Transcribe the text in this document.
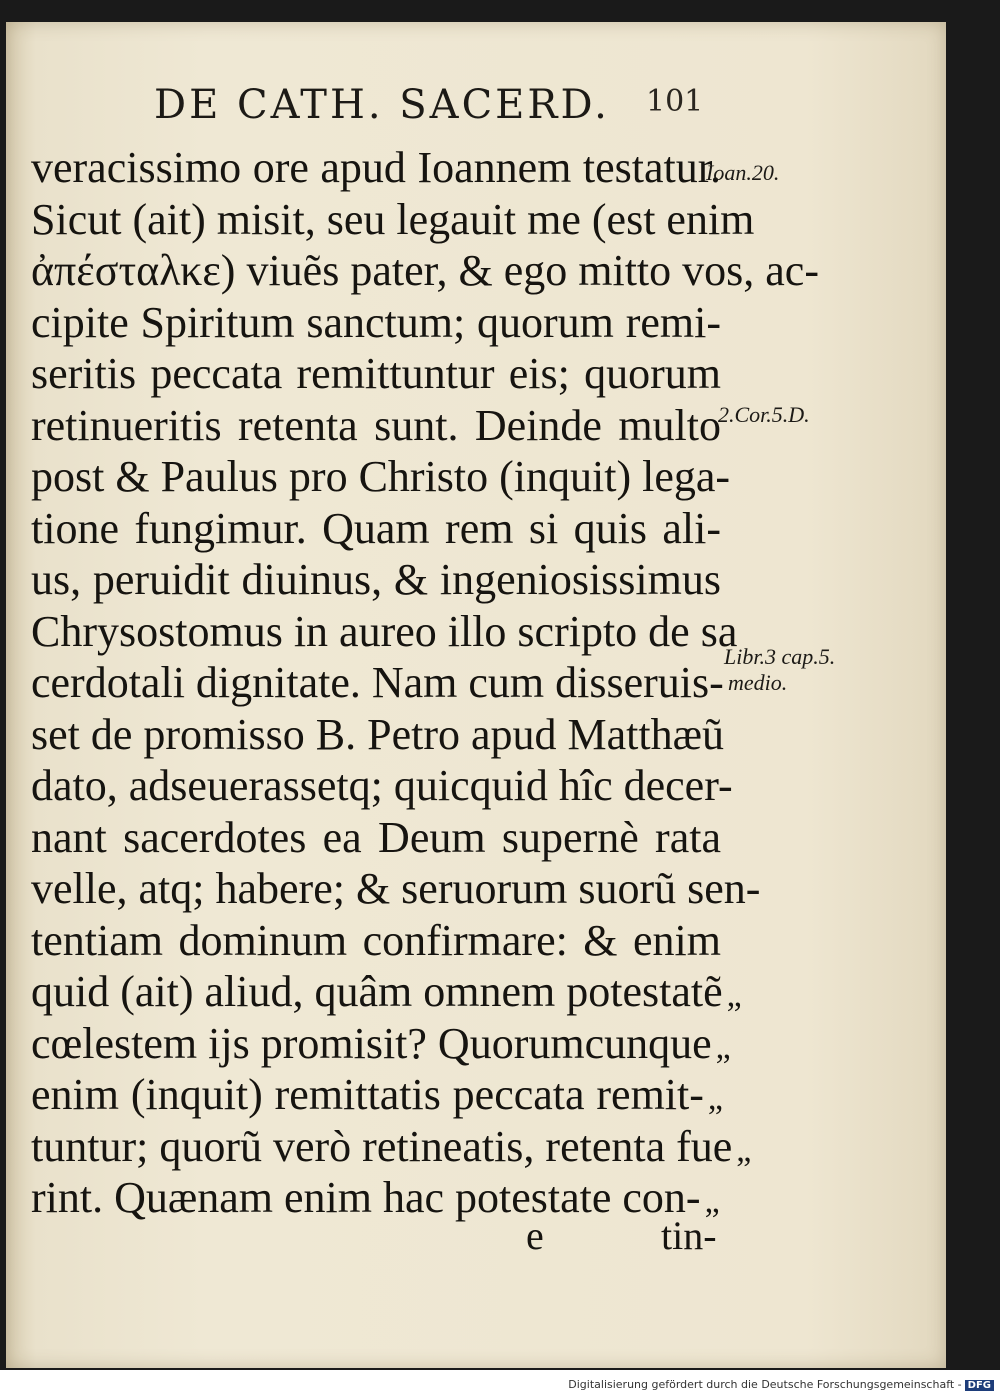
DE CATH. SACERD. 101
veracissimo ore apud Ioannem testatur.
Sicut (ait) misit, seu legauit me (est enim
ἀπέσταλκε) viuẽs pater, & ego mitto vos, ac-
cipite Spiritum sanctum; quorum remi-
seritis peccata remittuntur eis; quorum
retinueritis retenta sunt. Deinde multo
post & Paulus pro Christo (inquit) lega-
tione fungimur. Quam rem si quis ali-
us, peruidit diuinus, & ingeniosissimus
Chrysostomus in aureo illo scripto de sa
cerdotali dignitate. Nam cum disseruis-
set de promisso B. Petro apud Matthæũ
dato, adseuerassetq; quicquid hîc decer-
nant sacerdotes ea Deum supernè rata
velle, atq; habere; & seruorum suorũ sen-
tentiam dominum confirmare: & enim
quid (ait) aliud, quâm omnem potestatẽ „
cœlestem ijs promisit? Quorumcunque „
enim (inquit) remittatis peccata remit- „
tuntur; quorũ verò retineatis, retenta fue „
rint. Quænam enim hac potestate con- „
Ioan.20.
2.Cor.5.D.
Libr.3 cap.5.
medio.
e	tin-
Digitalisierung gefördert durch die Deutsche Forschungsgemeinschaft - DFG
